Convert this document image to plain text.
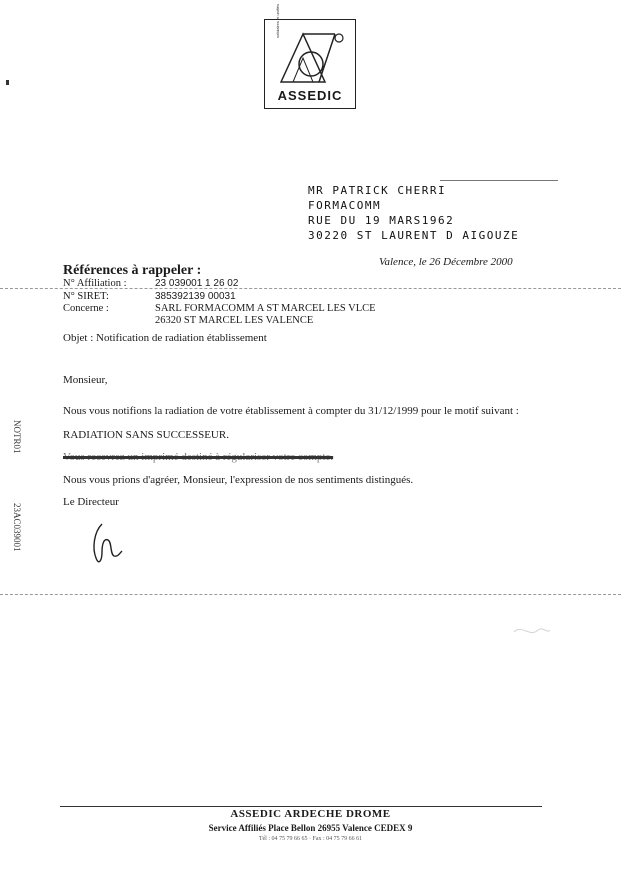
solidaires et unifiés
ASSEDIC
MR PATRICK CHERRI
FORMACOMM
RUE DU 19 MARS1962
30220 ST LAURENT D AIGOUZE
Valence, le 26 Décembre 2000
Références à rappeler :
N° Affiliation :	23 039001 1 26 02
N° SIRET:	385392139 00031
Concerne :	SARL FORMACOMM A ST MARCEL LES VLCE
26320 ST MARCEL LES VALENCE
Objet : Notification de radiation établissement
Monsieur,
Nous vous notifions la radiation de votre établissement à compter du 31/12/1999 pour le motif suivant :
RADIATION SANS SUCCESSEUR.
Vous recevrez un imprimé destiné à régulariser votre compte.
Nous vous prions d'agréer, Monsieur, l'expression de nos sentiments distingués.
Le Directeur
NOTR01
23AC039001
ASSEDIC ARDECHE DROME
Service Affiliés Place Bellon 26955 Valence CEDEX 9
Tél : 04 75 79 66 65 · Fax : 04 75 79 66 61
